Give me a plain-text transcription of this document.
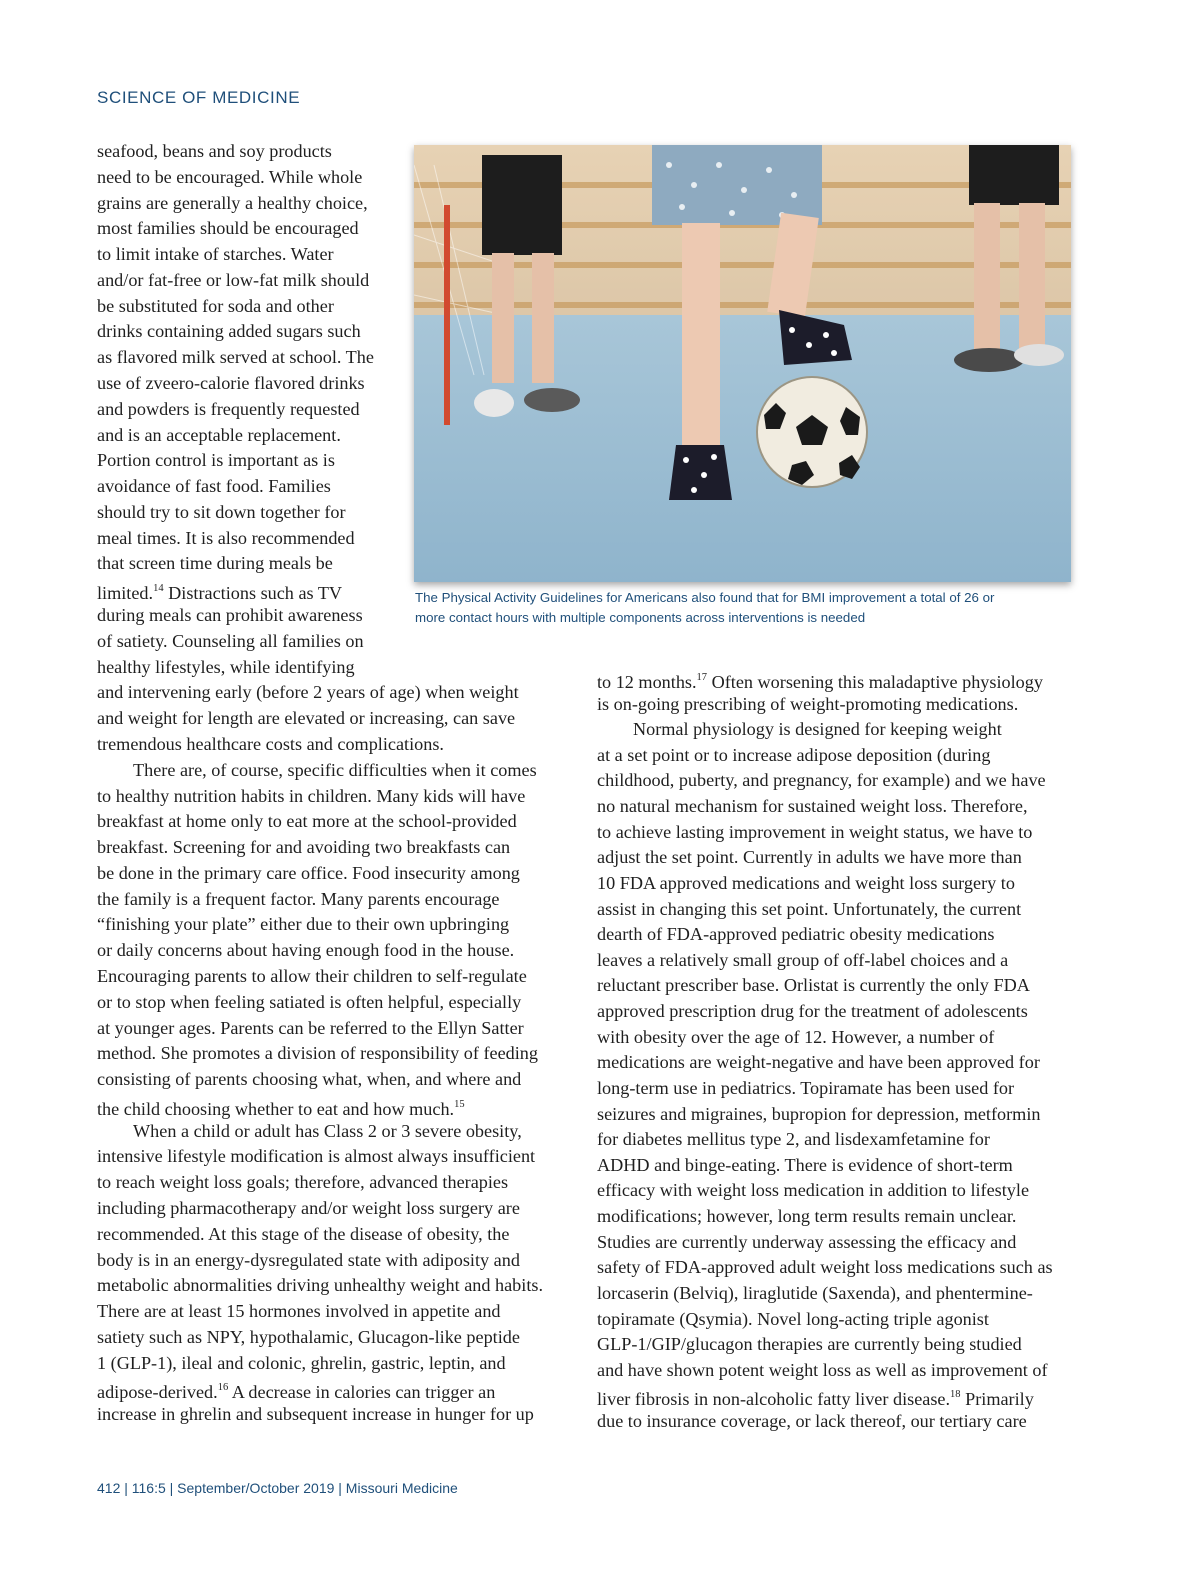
SCIENCE OF MEDICINE
The Physical Activity Guidelines for Americans also found that for BMI improvement a total of 26 or
more contact hours with multiple components across interventions is needed
seafood, beans and soy products
need to be encouraged. While whole
grains are generally a healthy choice,
most families should be encouraged
to limit intake of starches. Water
and/or fat-free or low-fat milk should
be substituted for soda and other
drinks containing added sugars such
as flavored milk served at school. The
use of zveero-calorie flavored drinks
and powders is frequently requested
and is an acceptable replacement.
Portion control is important as is
avoidance of fast food. Families
should try to sit down together for
meal times. It is also recommended
that screen time during meals be
limited.$^{14}$ Distractions such as TV
during meals can prohibit awareness
of satiety. Counseling all families on
healthy lifestyles, while identifying
and intervening early (before 2 years of age) when weight
and weight for length are elevated or increasing, can save
tremendous healthcare costs and complications.
There are, of course, specific difficulties when it comes
to healthy nutrition habits in children. Many kids will have
breakfast at home only to eat more at the school-provided
breakfast. Screening for and avoiding two breakfasts can
be done in the primary care office. Food insecurity among
the family is a frequent factor. Many parents encourage
“finishing your plate” either due to their own upbringing
or daily concerns about having enough food in the house.
Encouraging parents to allow their children to self-regulate
or to stop when feeling satiated is often helpful, especially
at younger ages. Parents can be referred to the Ellyn Satter
method. She promotes a division of responsibility of feeding
consisting of parents choosing what, when, and where and
the child choosing whether to eat and how much.$^{15}$
When a child or adult has Class 2 or 3 severe obesity,
intensive lifestyle modification is almost always insufficient
to reach weight loss goals; therefore, advanced therapies
including pharmacotherapy and/or weight loss surgery are
recommended. At this stage of the disease of obesity, the
body is in an energy-dysregulated state with adiposity and
metabolic abnormalities driving unhealthy weight and habits.
There are at least 15 hormones involved in appetite and
satiety such as NPY, hypothalamic, Glucagon-like peptide
1 (GLP-1), ileal and colonic, ghrelin, gastric, leptin, and
adipose-derived.$^{16}$ A decrease in calories can trigger an
increase in ghrelin and subsequent increase in hunger for up
to 12 months.$^{17}$ Often worsening this maladaptive physiology
is on-going prescribing of weight-promoting medications.
Normal physiology is designed for keeping weight
at a set point or to increase adipose deposition (during
childhood, puberty, and pregnancy, for example) and we have
no natural mechanism for sustained weight loss. Therefore,
to achieve lasting improvement in weight status, we have to
adjust the set point. Currently in adults we have more than
10 FDA approved medications and weight loss surgery to
assist in changing this set point. Unfortunately, the current
dearth of FDA-approved pediatric obesity medications
leaves a relatively small group of off-label choices and a
reluctant prescriber base. Orlistat is currently the only FDA
approved prescription drug for the treatment of adolescents
with obesity over the age of 12. However, a number of
medications are weight-negative and have been approved for
long-term use in pediatrics. Topiramate has been used for
seizures and migraines, bupropion for depression, metformin
for diabetes mellitus type 2, and lisdexamfetamine for
ADHD and binge-eating. There is evidence of short-term
efficacy with weight loss medication in addition to lifestyle
modifications; however, long term results remain unclear.
Studies are currently underway assessing the efficacy and
safety of FDA-approved adult weight loss medications such as
lorcaserin (Belviq), liraglutide (Saxenda), and phentermine-
topiramate (Qsymia). Novel long-acting triple agonist
GLP-1/GIP/glucagon therapies are currently being studied
and have shown potent weight loss as well as improvement of
liver fibrosis in non-alcoholic fatty liver disease.$^{18}$ Primarily
due to insurance coverage, or lack thereof, our tertiary care
412 | 116:5 | September/October 2019 | Missouri Medicine
